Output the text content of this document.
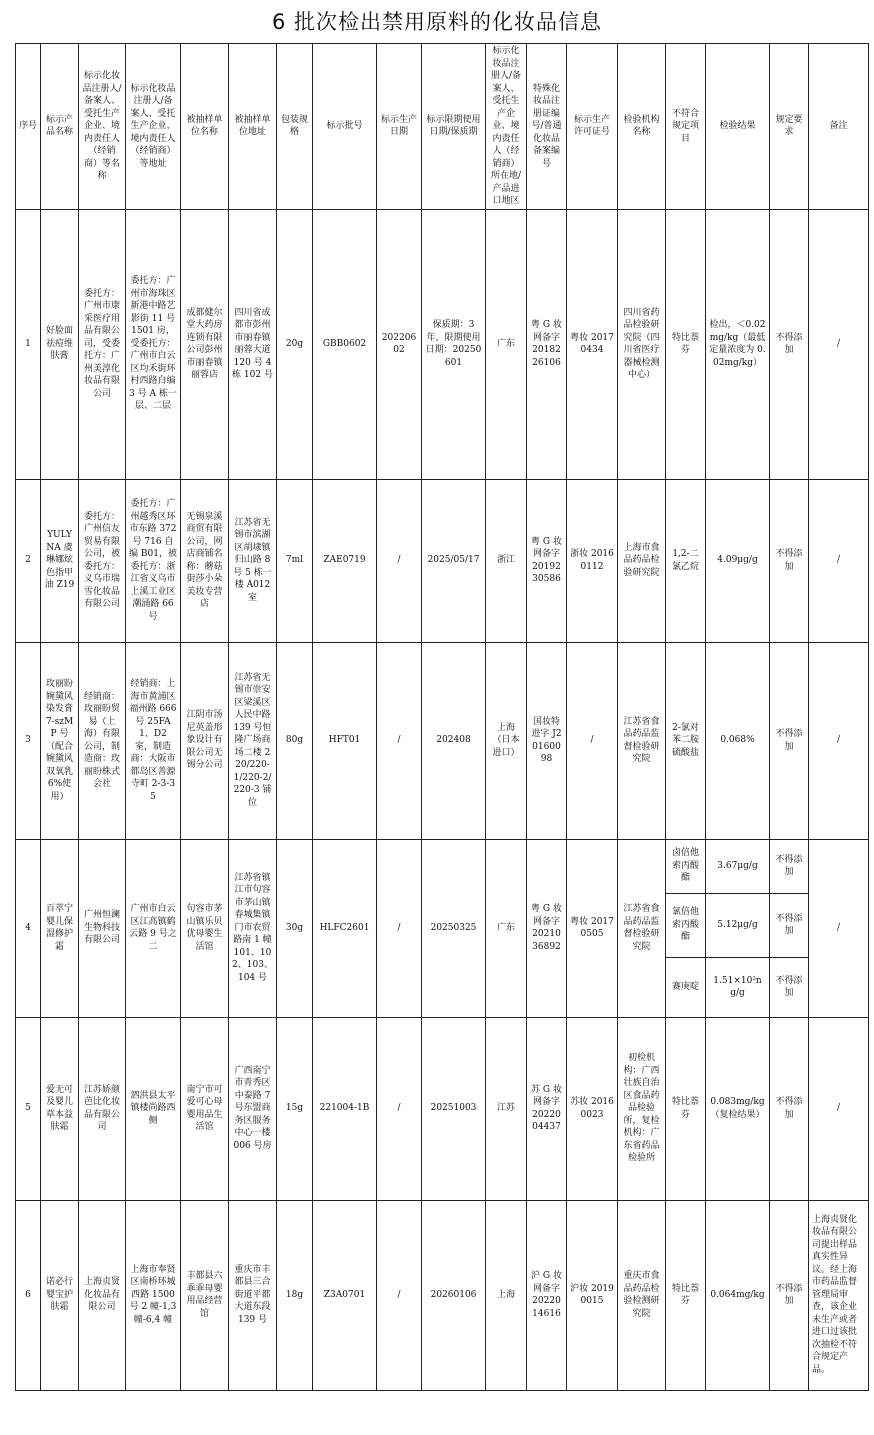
6 批次检出禁用原料的化妆品信息
序号	标示产品名称	标示化妆品注册人/备案人、受托生产企业、境内责任人（经销商）等名称	标示化妆品注册人/备案人、受托生产企业、境内责任人（经销商）等地址	被抽样单位名称	被抽样单位地址	包装规格	标示批号	标示生产日期	标示限期使用日期/保质期	标示化妆品注册人/备案人、受托生产企业、境内责任人（经销商）所在地/产品进口地区	特殊化妆品注册证编号/普通化妆品备案编号	标示生产许可证号	检验机构名称	不符合规定项目	检验结果	规定要求	备注
1	好脸面祛痘维肤膏	委托方：广州市康采医疗用品有限公司，受委托方：广州美淳化妆品有限公司	委托方：广州市海珠区新港中路艺影街 11 号 1501 房，受委托方：广州市白云区均禾街环村西路白编 3 号 A 栋一层、二层	成都健尔堂大药房连锁有限公司彭州市丽春镇丽蓉店	四川省成都市彭州市丽春镇丽蓉大道 120 号 4 栋 102 号	20g	GBB0602	20220602	保质期：3 年，限期使用日期：20250601	广东	粤 G 妆网备字 2018226106	粤妆 20170434	四川省药品检验研究院（四川省医疗器械检测中心）	特比萘芬	检出，＜0.02mg/kg（最低定量浓度为 0.02mg/kg）	不得添加	/
2	YULYNA 虞琳娜炫色指甲油 Z19	委托方：广州信友贸易有限公司，被委托方：义乌市瑞雪化妆品有限公司	委托方：广州越秀区环市东路 372 号 716 自编 B01，被委托方：浙江省义乌市上溪工业区潮涌路 66 号	无锡泉溪商贸有限公司，网店商铺名称：蘑菇街莎小朵美妆专营店	江苏省无锡市滨湖区胡埭镇归山路 8 号 5 栋一楼 A012 室	7ml	ZAE0719	/	2025/05/17	浙江	粤 G 妆网备字 2019230586	浙妆 20160112	上海市食品药品检验研究院	1,2-二氯乙烷	4.09μg/g	不得添加	/
3	玫丽盼婉黛风染发膏 7-szMP 号（配合婉黛风双氧乳 6%使用）	经销商：玫丽盼贸易（上海）有限公司，制造商：玫丽盼株式会社	经销商：上海市黄浦区福州路 666 号 25FA1、D2 室，制造商：大阪市都岛区善源寺町 2-3-35	江阴市汤尼英盖形象设计有限公司无锡分公司	江苏省无锡市崇安区梁溪区人民中路 139 号恒隆广场商场二楼 220/220-1/220-2/220-3 铺位	80g	HFT01	/	202408	上海（日本进口）	国妆特进字 J20160098	/	江苏省食品药品监督检验研究院	2-氯对苯二胺硫酸盐	0.068%	不得添加	/
4	百萃宁婴儿保湿修护霜	广州恒澜生物科技有限公司	广州市白云区江高镇鹤云路 9 号之二	句容市茅山镇乐贝优母婴生活馆	江苏省镇江市句容市茅山镇春城集镇门市农贸路南 1 幢 101、102、103、104 号	30g	HLFC2601	/	20250325	广东	粤 G 妆网备字 2021036892	粤妆 20170505	江苏省食品药品监督检验研究院	卤倍他索丙酸酯	3.67μg/g	不得添加	/
														氯倍他索丙酸酯	5.12μg/g	不得添加	
														赛庚啶	1.51×10³ng/g	不得添加	
5	爱无可及婴儿草本益肤霜	江苏娇颜芭比化妆品有限公司	泗洪县太平镇楼尚路西侧	南宁市可爱可心母婴用品生活馆	广西南宁市青秀区中泰路 7 号东盟商务区服务中心一楼 006 号房	15g	221004-1B	/	20251003	江苏	苏 G 妆网备字 2022004437	苏妆 20160023	初检机构：广西壮族自治区食品药品检验所，复检机构：广东省药品检验所	特比萘芬	0.083mg/kg（复检结果）	不得添加	/
6	诺必行婴宝护肤霜	上海贞贤化妆品有限公司	上海市奉贤区南桥环城西路 1500 号 2 幢-1,3 幢-6,4 幢	丰都县六乖乖母婴用品经营馆	重庆市丰都县三合街道平都大道东段 139 号	18g	Z3A0701	/	20260106	上海	沪 G 妆网备字 2022014616	沪妆 20190015	重庆市食品药品检验检测研究院	特比萘芬	0.064mg/kg	不得添加	上海贞贤化妆品有限公司提出样品真实性异议。经上海市药品监督管理局审查，该企业未生产或者进口过该批次抽检不符合规定产品。
